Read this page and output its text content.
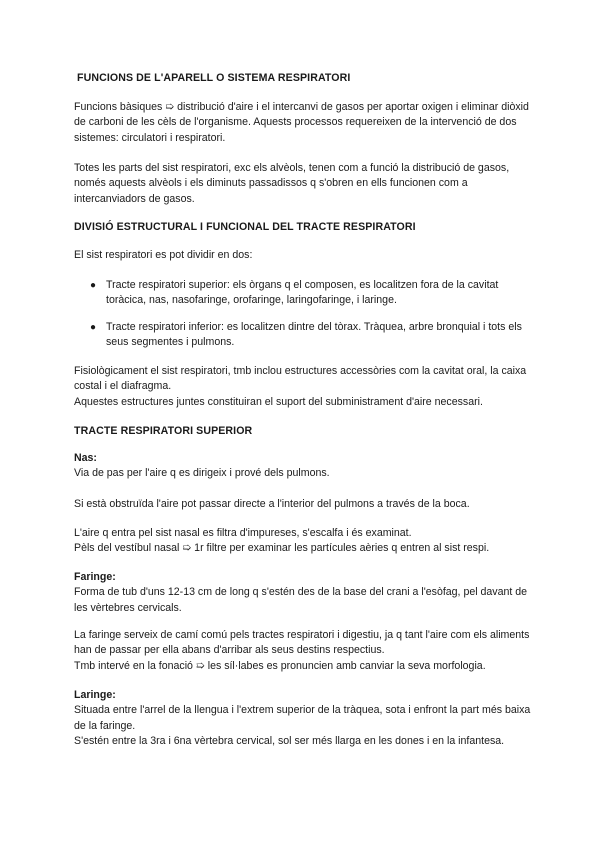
FUNCIONS DE L'APARELL O SISTEMA RESPIRATORI

Funcions bàsiques ➯ distribució d'aire i el intercanvi de gasos per aportar oxigen i eliminar diòxid de carboni de les cèls de l'organisme. Aquests processos requereixen de la intervenció de dos sistemes: circulatori i respiratori.

Totes les parts del sist respiratori, exc els alvèols, tenen com a funció la distribució de gasos, només aquests alvèols i els diminuts passadissos q s'obren en ells funcionen com a intercanviadors de gasos.

DIVISIÓ ESTRUCTURAL I FUNCIONAL DEL TRACTE RESPIRATORI

El sist respiratori es pot dividir en dos:

● Tracte respiratori superior: els òrgans q el composen, es localitzen fora de la cavitat toràcica, nas, nasofaringe, orofaringe, laringofaringe, i laringe.
● Tracte respiratori inferior: es localitzen dintre del tòrax. Tràquea, arbre bronquial i tots els seus segmentes i pulmons.

Fisiològicament el sist respiratori, tmb inclou estructures accessòries com la cavitat oral, la caixa costal i el diafragma.

Aquestes estructures juntes constituiran el suport del subministrament d'aire necessari.

TRACTE RESPIRATORI SUPERIOR
Nas:
Via de pas per l'aire q es dirigeix i prové dels pulmons.

Si està obstruïda l'aire pot passar directe a l'interior del pulmons a través de la boca.

L'aire q entra pel sist nasal es filtra d'impureses, s'escalfa i és examinat.

Pèls del vestíbul nasal ➯ 1r filtre per examinar les partícules aèries q entren al sist respi.

Faringe:
Forma de tub d'uns 12-13 cm de long q s'estén des de la base del crani a l'esòfag, pel davant de les vèrtebres cervicals.

La faringe serveix de camí comú pels tractes respiratori i digestiu, ja q tant l'aire com els aliments han de passar per ella abans d'arribar als seus destins respectius.

Tmb intervé en la fonació ➯ les síl·labes es pronuncien amb canviar la seva morfologia.

Laringe:
Situada entre l'arrel de la llengua i l'extrem superior de la tràquea, sota i enfront la part més baixa de la faringe.

S'estén entre la 3ra i 6na vèrtebra cervical, sol ser més llarga en les dones i en la infantesa.
